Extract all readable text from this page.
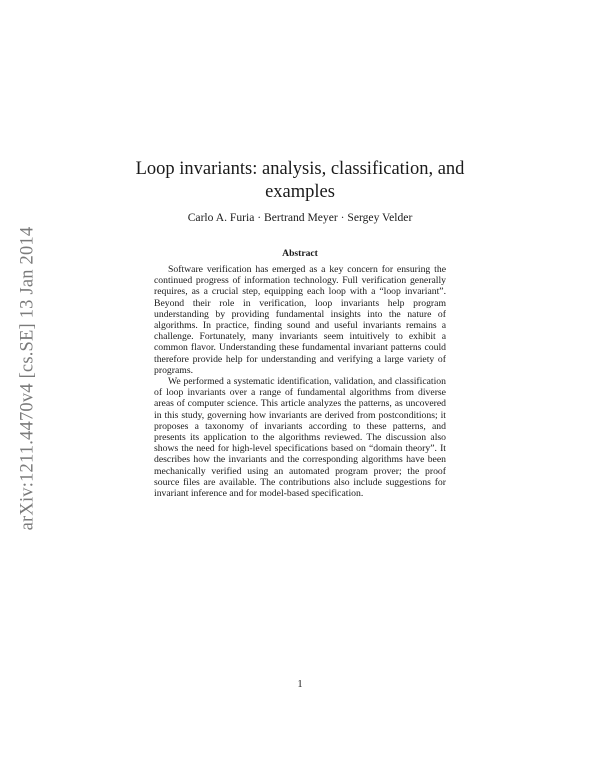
arXiv:1211.4470v4 [cs.SE] 13 Jan 2014
Loop invariants: analysis, classification, and examples
Carlo A. Furia · Bertrand Meyer · Sergey Velder
Abstract

Software verification has emerged as a key concern for ensuring the continued progress of information technology. Full verification generally requires, as a crucial step, equipping each loop with a “loop invariant”. Beyond their role in verification, loop invariants help program understanding by providing fundamental insights into the nature of algorithms. In practice, finding sound and useful invariants remains a challenge. Fortunately, many invariants seem intuitively to exhibit a common flavor. Understanding these fundamental invariant patterns could therefore provide help for understanding and verifying a large variety of programs.

We performed a systematic identification, validation, and classification of loop invariants over a range of fundamental algorithms from diverse areas of computer science. This article analyzes the patterns, as uncovered in this study, governing how invariants are derived from postconditions; it proposes a taxonomy of invariants according to these patterns, and presents its application to the algorithms reviewed. The discussion also shows the need for high-level specifications based on “domain theory”. It describes how the invariants and the corresponding algorithms have been mechanically verified using an automated program prover; the proof source files are available. The contributions also include suggestions for invariant inference and for model-based specification.

1
